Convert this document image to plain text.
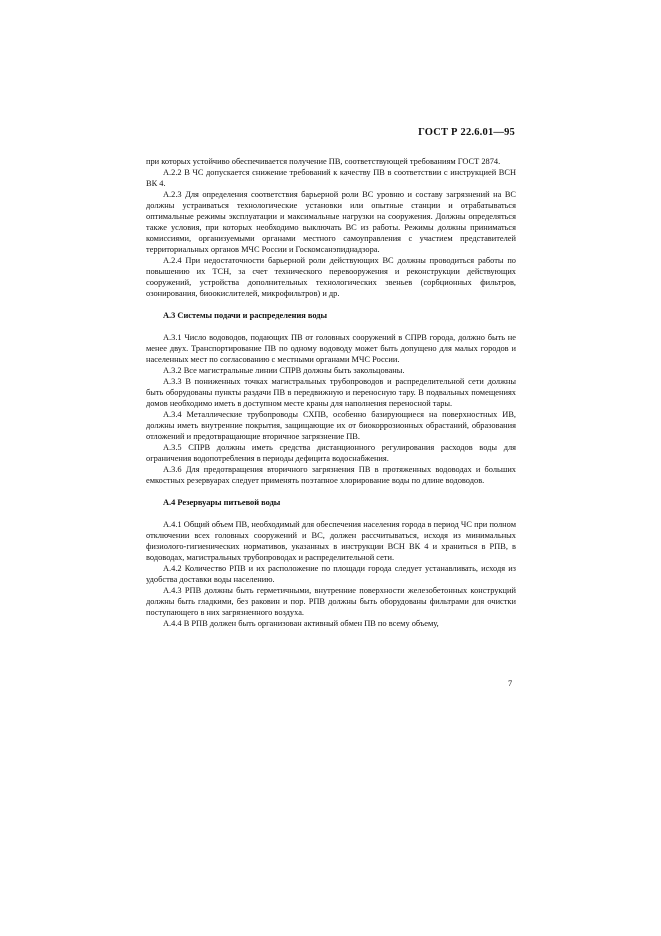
ГОСТ Р 22.6.01—95

при которых устойчиво обеспечивается получение ПВ, соответствующей требованиям ГОСТ 2874.

А.2.2 В ЧС допускается снижение требований к качеству ПВ в соответствии с инструкцией ВСН ВК 4.

А.2.3 Для определения соответствия барьерной роли ВС уровню и составу загрязнений на ВС должны устраиваться технологические установки или опытные станции и отрабатываться оптимальные режимы эксплуатации и максимальные нагрузки на сооружения. Должны определяться также условия, при которых необходимо выключать ВС из работы. Режимы должны приниматься комиссиями, организуемыми органами местного самоуправления с участием представителей территориальных органов МЧС России и Госкомсанэпиднадзора.

А.2.4 При недостаточности барьерной роли действующих ВС должны проводиться работы по повышению их ТСН, за счет технического перевооружения и реконструкции действующих сооружений, устройства дополнительных технологических звеньев (сорбционных фильтров, озонирования, биоокислителей, микрофильтров) и др.

А.3 Системы подачи и распределения воды

А.3.1 Число водоводов, подающих ПВ от головных сооружений в СПРВ города, должно быть не менее двух. Транспортирование ПВ по одному водоводу может быть допущено для малых городов и населенных мест по согласованию с местными органами МЧС России.

А.3.2 Все магистральные линии СПРВ должны быть закольцованы.

А.3.3 В пониженных точках магистральных трубопроводов и распределительной сети должны быть оборудованы пункты раздачи ПВ в передвижную и переносную тару. В подвальных помещениях домов необходимо иметь в доступном месте краны для наполнения переносной тары.

А.3.4 Металлические трубопроводы СХПВ, особенно базирующиеся на поверхностных ИВ, должны иметь внутренние покрытия, защищающие их от биокоррозионных обрастаний, образования отложений и предотвращающие вторичное загрязнение ПВ.

А.3.5 СПРВ должны иметь средства дистанционного регулирования расходов воды для ограничения водопотребления в периоды дефицита водоснабжения.

А.3.6 Для предотвращения вторичного загрязнения ПВ в протяженных водоводах и больших емкостных резервуарах следует применять поэтапное хлорирование воды по длине водоводов.

А.4 Резервуары питьевой воды

А.4.1 Общий объем ПВ, необходимый для обеспечения населения города в период ЧС при полном отключении всех головных сооружений и ВС, должен рассчитываться, исходя из минимальных физиолого-гигиенических нормативов, указанных в инструкции ВСН ВК 4 и храниться в РПВ, в водоводах, магистральных трубопроводах и распределительной сети.

А.4.2 Количество РПВ и их расположение по площади города следует устанавливать, исходя из удобства доставки воды населению.

А.4.3 РПВ должны быть герметичными, внутренние поверхности железобетонных конструкций должны быть гладкими, без раковин и пор. РПВ должны быть оборудованы фильтрами для очистки поступающего в них загрязненного воздуха.

А.4.4 В РПВ должен быть организован активный обмен ПВ по всему объему,

7
